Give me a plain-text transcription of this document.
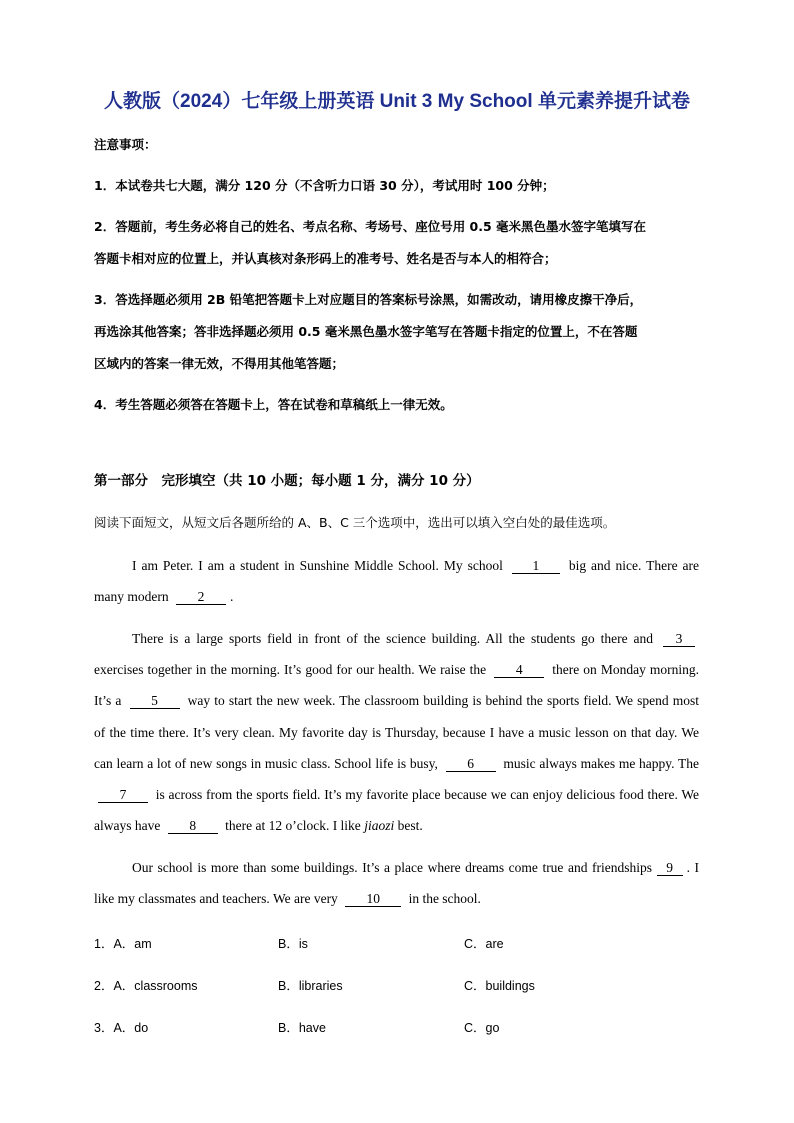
人教版（2024）七年级上册英语 Unit 3 My School 单元素养提升试卷
注意事项：
1．本试卷共七大题，满分 120 分（不含听力口语 30 分），考试用时 100 分钟；
2．答题前，考生务必将自己的姓名、考点名称、考场号、座位号用 0.5 毫米黑色墨水签字笔填写在
答题卡相对应的位置上，并认真核对条形码上的准考号、姓名是否与本人的相符合；
3．答选择题必须用 2B 铅笔把答题卡上对应题目的答案标号涂黑，如需改动，请用橡皮擦干净后，
再选涂其他答案；答非选择题必须用 0.5 毫米黑色墨水签字笔写在答题卡指定的位置上，不在答题
区域内的答案一律无效，不得用其他笔答题；
4．考生答题必须答在答题卡上，答在试卷和草稿纸上一律无效。
第一部分　完形填空（共 10 小题；每小题 1 分，满分 10 分）
阅读下面短文，从短文后各题所给的 A、B、C 三个选项中，选出可以填入空白处的最佳选项。
I am Peter. I am a student in Sunshine Middle School. My school 1 big and nice. There are many modern 2 .
There is a large sports field in front of the science building. All the students go there and 3 exercises together in the morning. It’s good for our health. We raise the 4 there on Monday morning. It’s a 5 way to start the new week. The classroom building is behind the sports field. We spend most of the time there. It’s very clean. My favorite day is Thursday, because I have a music lesson on that day. We can learn a lot of new songs in music class. School life is busy, 6 music always makes me happy. The 7 is across from the sports field. It’s my favorite place because we can enjoy delicious food there. We always have 8 there at 12 o’clock. I like jiaozi best.
Our school is more than some buildings. It’s a place where dreams come true and friendships 9 . I like my classmates and teachers. We are very 10 in the school.
1．A．am	B．is	C．are
2．A．classrooms	B．libraries	C．buildings
3．A．do	B．have	C．go
